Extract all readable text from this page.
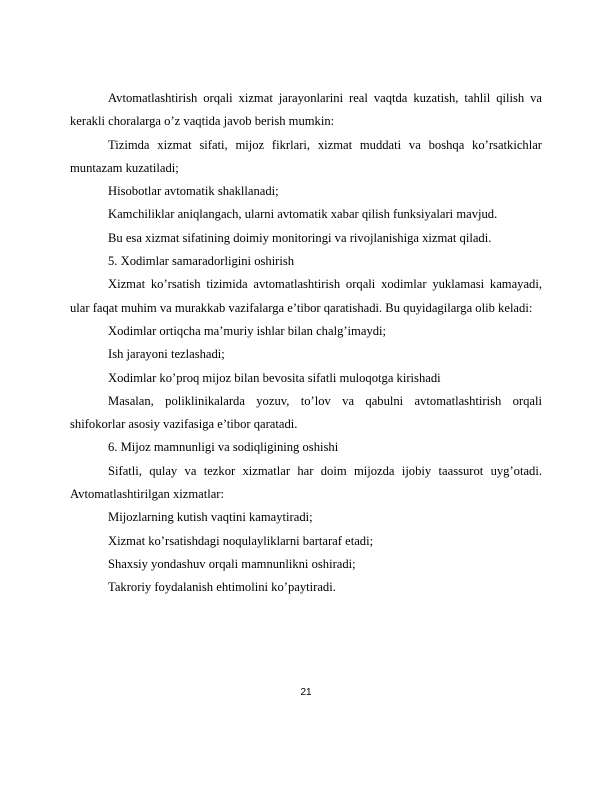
Avtomatlashtirish orqali xizmat jarayonlarini real vaqtda kuzatish, tahlil qilish va kerakli choralarga o’z vaqtida javob berish mumkin:

Tizimda xizmat sifati, mijoz fikrlari, xizmat muddati va boshqa ko’rsatkichlar muntazam kuzatiladi;

Hisobotlar avtomatik shakllanadi;

Kamchiliklar aniqlangach, ularni avtomatik xabar qilish funksiyalari mavjud.

Bu esa xizmat sifatining doimiy monitoringi va rivojlanishiga xizmat qiladi.

5. Xodimlar samaradorligini oshirish

Xizmat ko’rsatish tizimida avtomatlashtirish orqali xodimlar yuklamasi kamayadi, ular faqat muhim va murakkab vazifalarga e’tibor qaratishadi. Bu quyidagilarga olib keladi:

Xodimlar ortiqcha ma’muriy ishlar bilan chalg’imaydi;

Ish jarayoni tezlashadi;

Xodimlar ko’proq mijoz bilan bevosita sifatli muloqotga kirishadi

Masalan, poliklinikalarda yozuv, to’lov va qabulni avtomatlashtirish orqali shifokorlar asosiy vazifasiga e’tibor qaratadi.

6. Mijoz mamnunligi va sodiqligining oshishi

Sifatli, qulay va tezkor xizmatlar har doim mijozda ijobiy taassurot uyg’otadi. Avtomatlashtirilgan xizmatlar:

Mijozlarning kutish vaqtini kamaytiradi;

Xizmat ko’rsatishdagi noqulayliklarni bartaraf etadi;

Shaxsiy yondashuv orqali mamnunlikni oshiradi;

Takroriy foydalanish ehtimolini ko’paytiradi.

21
